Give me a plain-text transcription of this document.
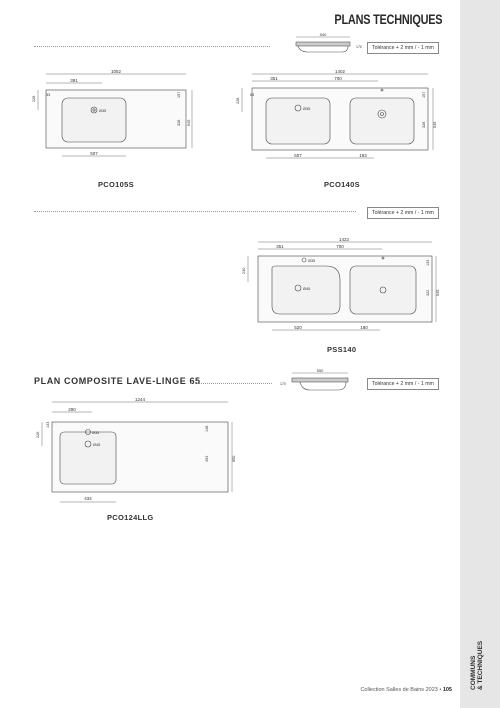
PLANS TECHNIQUES
540
170	Tolérance + 2 mm / - 1 mm
1052
391
33
228
157
328 545
507
Ø35
PCO105S
1402
351	700
63
228
157
328 545
507	193
Ø35
PCO140S
Tolérance + 2 mm / - 1 mm
1422
351	700
230
133
322 545
520	180
Ø35
Ø45
PSS140
PLAN COMPOSITE LAVE-LINGE 65
550
170	Tolérance + 2 mm / - 1 mm
1244
290
133
226
148
494	650
434
Ø35
Ø45
PCO124LLG
COMMUNS & TECHNIQUES
Collection Salles de Bains 2023 • 105
